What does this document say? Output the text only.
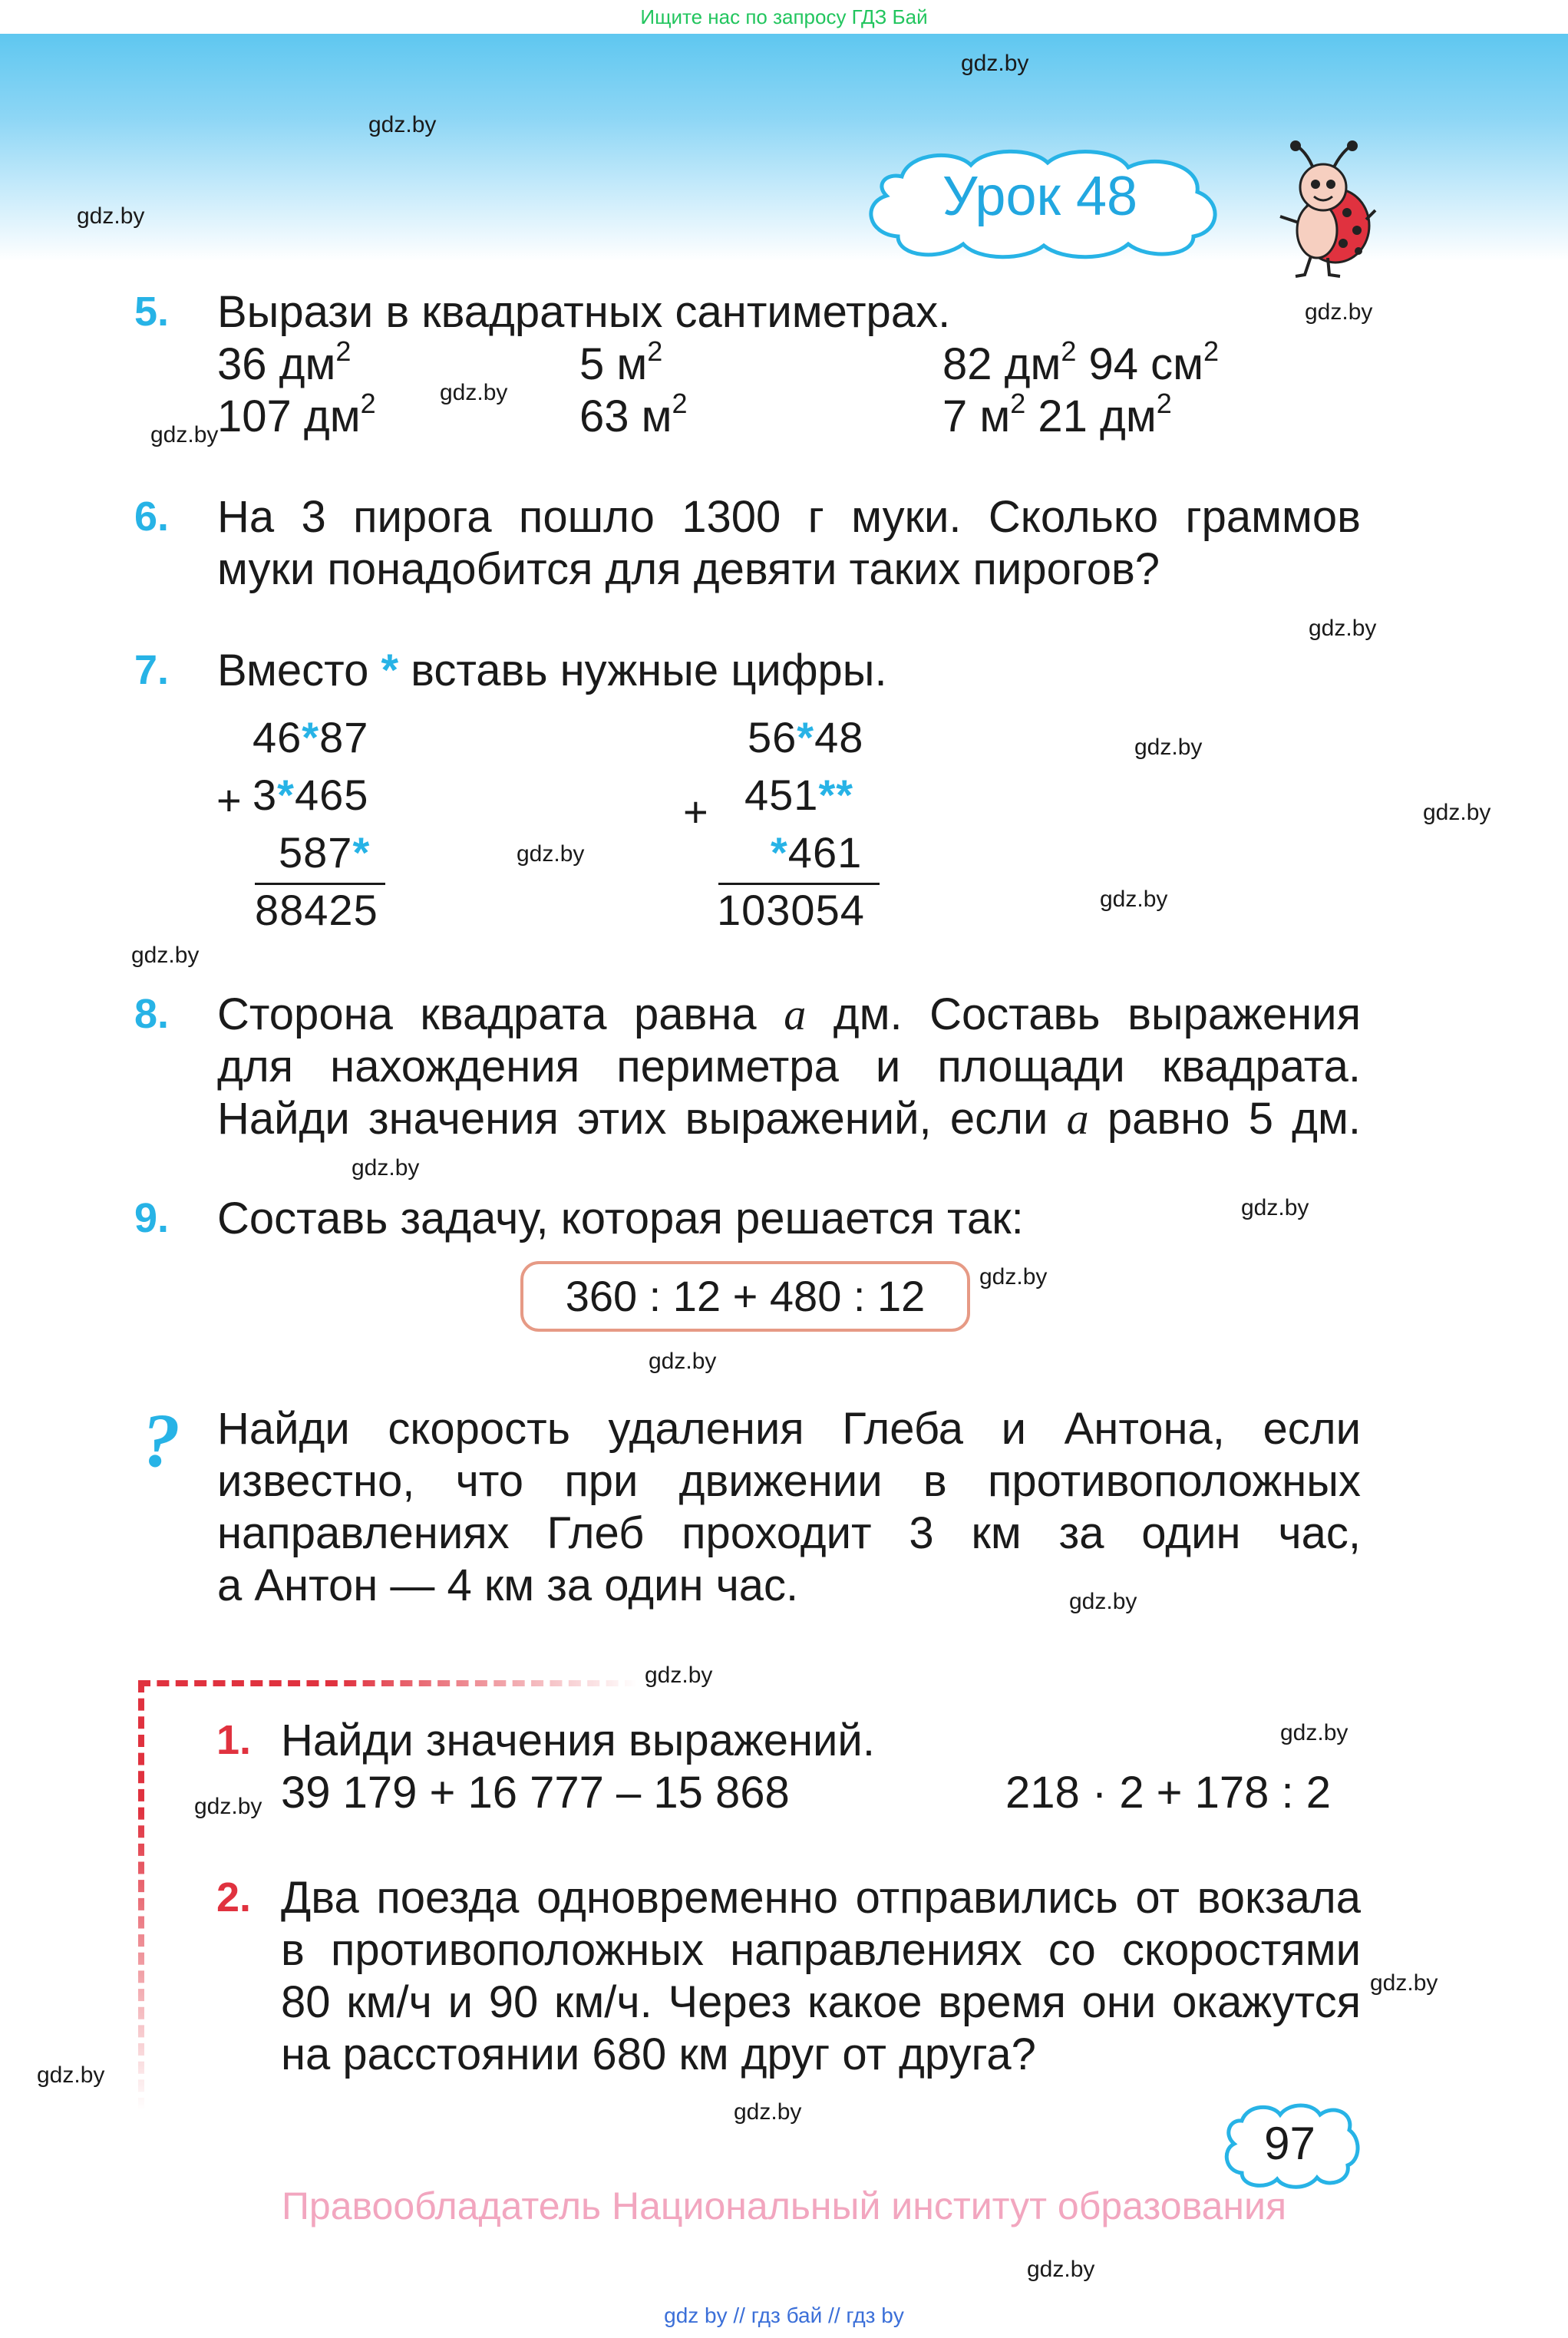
Ищите нас по запросу ГДЗ Бай
gdz.by
gdz.by
gdz.by
gdz.by
gdz.by
gdz.by
gdz.by
gdz.by
gdz.by
gdz.by
gdz.by
gdz.by
gdz.by
gdz.by
gdz.by
gdz.by
gdz.by
gdz.by
gdz.by
gdz.by
gdz.by
gdz.by
gdz.by
gdz.by
Урок 48
5. Вырази в квадратных сантиметрах.
36 $дм^2$
107 $дм^2$
5 $м^2$
63 $м^2$
82 $дм^2$ 94 $см^2$
7 $м^2$ 21 $дм^2$
6. На 3 пирога пошло 1300 г муки. Сколько граммов
муки понадобится для девяти таких пирогов?
7. Вместо * вставь нужные цифры.
46*87
+ 3*465
587*
88425
56*48
+ 451**
*461
103054
8. Сторона квадрата равна a дм. Составь выражения
для нахождения периметра и площади квадрата.
Найди значения этих выражений, если a равно 5 дм.
9. Составь задачу, которая решается так:
360 : 12 + 480 : 12
? Найди скорость удаления Глеба и Антона, если
известно, что при движении в противоположных
направлениях Глеб проходит 3 км за один час,
а Антон — 4 км за один час.
1. Найди значения выражений.
39 179 + 16 777 – 15 868	218 · 2 + 178 : 2
2. Два поезда одновременно отправились от вокзала
в противоположных направлениях со скоростями
80 км/ч и 90 км/ч. Через какое время они окажутся
на расстоянии 680 км друг от друга?
97
Правообладатель Национальный институт образования
gdz by // гдз бай // гдз by
